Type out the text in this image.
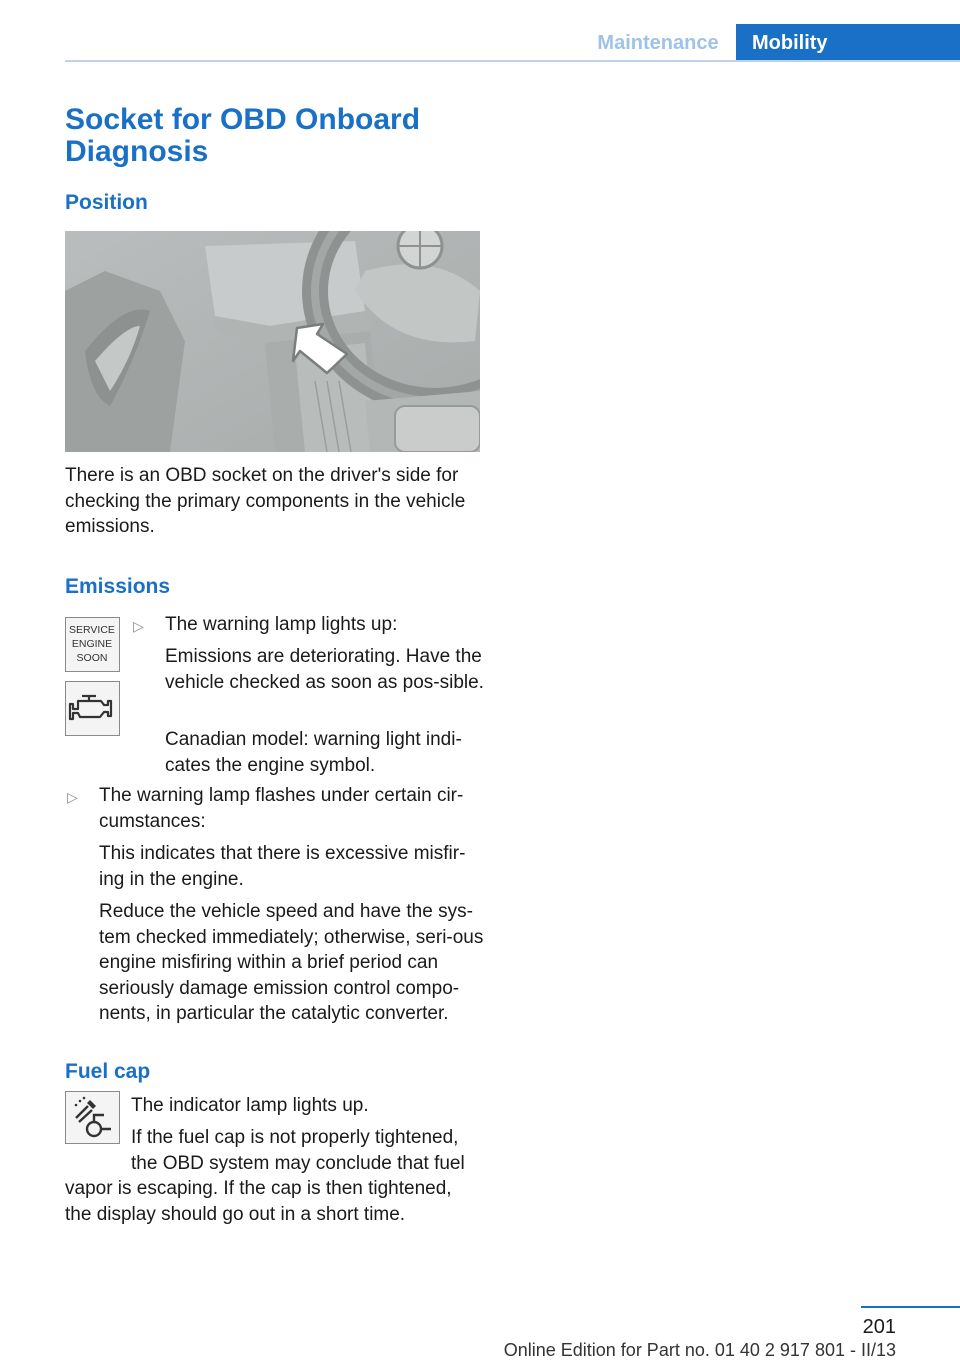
Maintenance	Mobility
Socket for OBD Onboard Diagnosis
Position

There is an OBD socket on the driver's side for checking the primary components in the vehicle emissions.

Emissions
SERVICE
ENGINE
SOON
▷ The warning lamp lights up:

Emissions are deteriorating. Have the vehicle checked as soon as pos‐sible.

Canadian model: warning light indi‐cates the engine symbol.

▷ The warning lamp flashes under certain cir‐cumstances:

This indicates that there is excessive misfir‐ing in the engine.

Reduce the vehicle speed and have the sys‐tem checked immediately; otherwise, seri‐ous engine misfiring within a brief period can seriously damage emission control compo‐nents, in particular the catalytic converter.

Fuel cap

The indicator lamp lights up.

If the fuel cap is not properly tightened,
the OBD system may conclude that fuel
vapor is escaping. If the cap is then tightened,
the display should go out in a short time.
201
Online Edition for Part no. 01 40 2 917 801 - II/13
